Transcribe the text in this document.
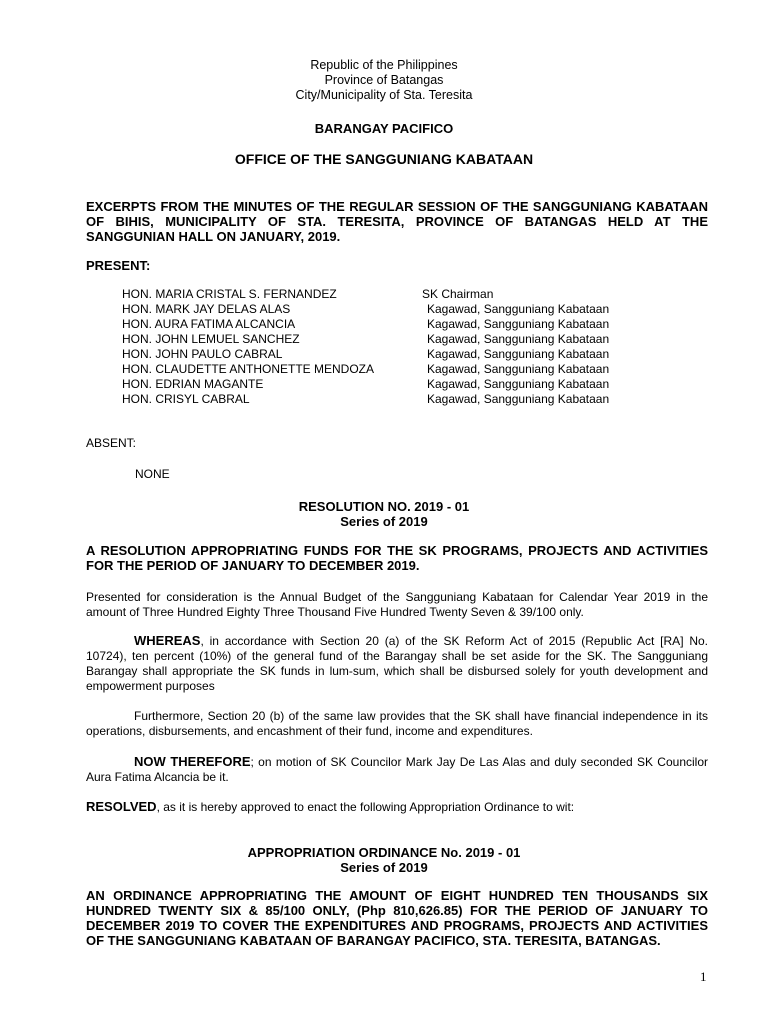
Republic of the Philippines
Province of Batangas
City/Municipality of Sta. Teresita
BARANGAY PACIFICO
OFFICE OF THE SANGGUNIANG KABATAAN
EXCERPTS FROM THE MINUTES OF THE REGULAR SESSION OF THE SANGGUNIANG KABATAAN OF BIHIS, MUNICIPALITY OF STA. TERESITA, PROVINCE OF BATANGAS HELD AT THE SANGGUNIAN HALL ON JANUARY, 2019.
PRESENT:
HON. MARIA CRISTAL S. FERNANDEZ	SK Chairman
HON. MARK JAY DELAS ALAS	Kagawad, Sangguniang Kabataan
HON. AURA FATIMA ALCANCIA	Kagawad, Sangguniang Kabataan
HON. JOHN LEMUEL SANCHEZ	Kagawad, Sangguniang Kabataan
HON. JOHN PAULO CABRAL	Kagawad, Sangguniang Kabataan
HON. CLAUDETTE ANTHONETTE MENDOZA	Kagawad, Sangguniang Kabataan
HON. EDRIAN MAGANTE	Kagawad, Sangguniang Kabataan
HON. CRISYL CABRAL	Kagawad, Sangguniang Kabataan
ABSENT:
NONE
RESOLUTION NO. 2019 - 01
Series of 2019
A RESOLUTION APPROPRIATING FUNDS FOR THE SK PROGRAMS, PROJECTS AND ACTIVITIES FOR THE PERIOD OF JANUARY TO DECEMBER 2019.
Presented for consideration is the Annual Budget of the Sangguniang Kabataan for Calendar Year 2019 in the amount of Three Hundred Eighty Three Thousand Five Hundred Twenty Seven & 39/100 only.
WHEREAS, in accordance with Section 20 (a) of the SK Reform Act of 2015 (Republic Act [RA] No. 10724), ten percent (10%) of the general fund of the Barangay shall be set aside for the SK. The Sangguniang Barangay shall appropriate the SK funds in lum-sum, which shall be disbursed solely for youth development and empowerment purposes
Furthermore, Section 20 (b) of the same law provides that the SK shall have financial independence in its operations, disbursements, and encashment of their fund, income and expenditures.
NOW THEREFORE; on motion of SK Councilor Mark Jay De Las Alas and duly seconded SK Councilor Aura Fatima Alcancia be it.
RESOLVED, as it is hereby approved to enact the following Appropriation Ordinance to wit:
APPROPRIATION ORDINANCE No. 2019 - 01
Series of 2019
AN ORDINANCE APPROPRIATING THE AMOUNT OF EIGHT HUNDRED TEN THOUSANDS SIX HUNDRED TWENTY SIX & 85/100 ONLY, (Php 810,626.85) FOR THE PERIOD OF JANUARY TO DECEMBER 2019 TO COVER THE EXPENDITURES AND PROGRAMS, PROJECTS AND ACTIVITIES OF THE SANGGUNIANG KABATAAN OF BARANGAY PACIFICO, STA. TERESITA, BATANGAS.
1
